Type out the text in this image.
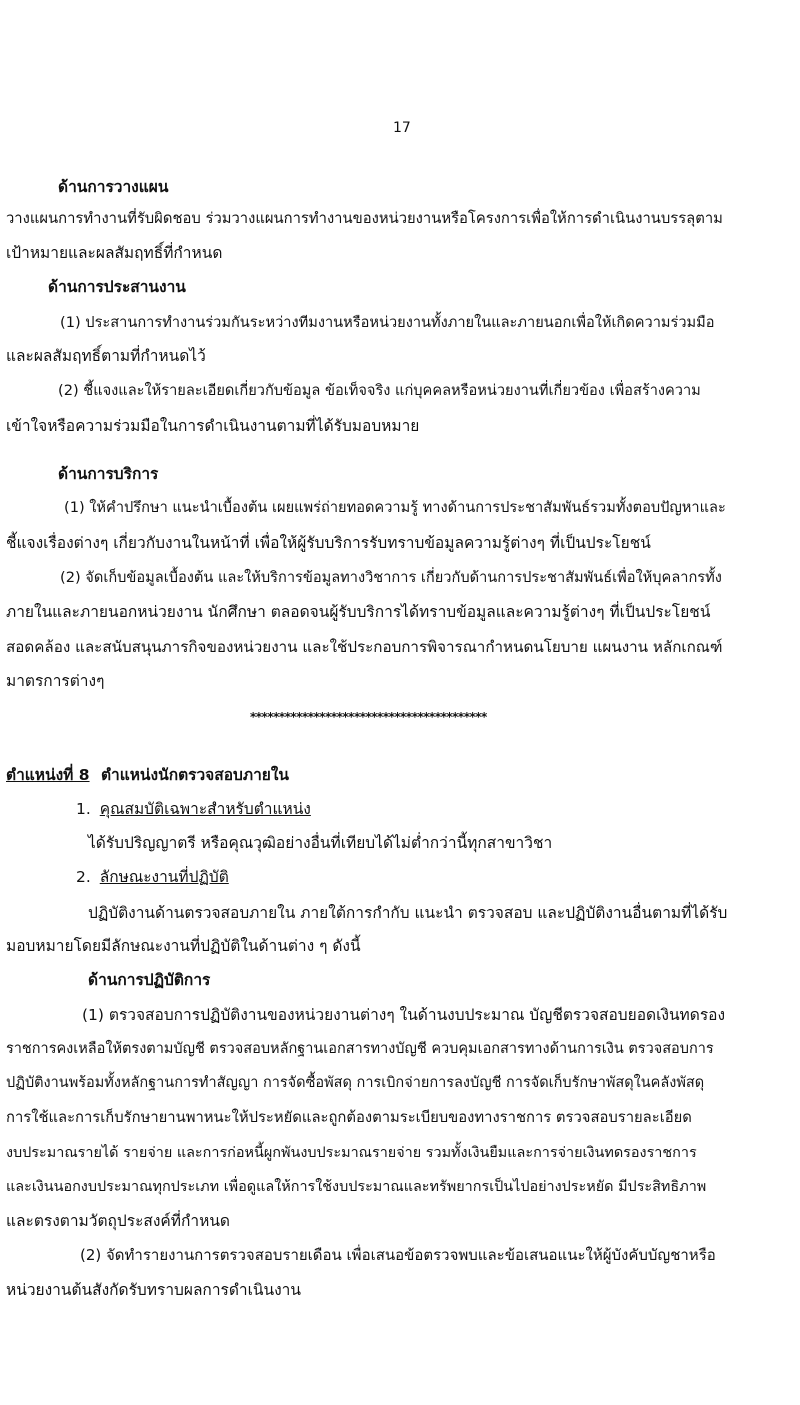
17
ด้านการวางแผน
วางแผนการทำงานที่รับผิดชอบ ร่วมวางแผนการทำงานของหน่วยงานหรือโครงการเพื่อให้การดำเนินงานบรรลุตาม
เป้าหมายและผลสัมฤทธิ์ที่กำหนด
ด้านการประสานงาน
(1) ประสานการทำงานร่วมกันระหว่างทีมงานหรือหน่วยงานทั้งภายในและภายนอกเพื่อให้เกิดความร่วมมือ
และผลสัมฤทธิ์ตามที่กำหนดไว้
(2) ชี้แจงและให้รายละเอียดเกี่ยวกับข้อมูล ข้อเท็จจริง แก่บุคคลหรือหน่วยงานที่เกี่ยวข้อง เพื่อสร้างความ
เข้าใจหรือความร่วมมือในการดำเนินงานตามที่ได้รับมอบหมาย
ด้านการบริการ
(1) ให้คำปรึกษา แนะนำเบื้องต้น เผยแพร่ถ่ายทอดความรู้ ทางด้านการประชาสัมพันธ์รวมทั้งตอบปัญหาและ
ชี้แจงเรื่องต่างๆ เกี่ยวกับงานในหน้าที่ เพื่อให้ผู้รับบริการรับทราบข้อมูลความรู้ต่างๆ ที่เป็นประโยชน์
(2) จัดเก็บข้อมูลเบื้องต้น และให้บริการข้อมูลทางวิชาการ เกี่ยวกับด้านการประชาสัมพันธ์เพื่อให้บุคลากรทั้ง
ภายในและภายนอกหน่วยงาน นักศึกษา ตลอดจนผู้รับบริการได้ทราบข้อมูลและความรู้ต่างๆ ที่เป็นประโยชน์
สอดคล้อง และสนับสนุนภารกิจของหน่วยงาน และใช้ประกอบการพิจารณากำหนดนโยบาย แผนงาน หลักเกณฑ์
มาตรการต่างๆ
*****************************************
ตำแหน่งที่ 8 ตำแหน่งนักตรวจสอบภายใน
1. คุณสมบัติเฉพาะสำหรับตำแหน่ง
ได้รับปริญญาตรี หรือคุณวุฒิอย่างอื่นที่เทียบได้ไม่ต่ำกว่านี้ทุกสาขาวิชา
2. ลักษณะงานที่ปฏิบัติ
ปฏิบัติงานด้านตรวจสอบภายใน ภายใต้การกำกับ แนะนำ ตรวจสอบ และปฏิบัติงานอื่นตามที่ได้รับ
มอบหมายโดยมีลักษณะงานที่ปฏิบัติในด้านต่าง ๆ ดังนี้
ด้านการปฏิบัติการ
(1) ตรวจสอบการปฏิบัติงานของหน่วยงานต่างๆ ในด้านงบประมาณ บัญชีตรวจสอบยอดเงินทดรอง
ราชการคงเหลือให้ตรงตามบัญชี ตรวจสอบหลักฐานเอกสารทางบัญชี ควบคุมเอกสารทางด้านการเงิน ตรวจสอบการ
ปฏิบัติงานพร้อมทั้งหลักฐานการทำสัญญา การจัดซื้อพัสดุ การเบิกจ่ายการลงบัญชี การจัดเก็บรักษาพัสดุในคลังพัสดุ
การใช้และการเก็บรักษายานพาหนะให้ประหยัดและถูกต้องตามระเบียบของทางราชการ ตรวจสอบรายละเอียด
งบประมาณรายได้ รายจ่าย และการก่อหนี้ผูกพันงบประมาณรายจ่าย รวมทั้งเงินยืมและการจ่ายเงินทดรองราชการ
และเงินนอกงบประมาณทุกประเภท เพื่อดูแลให้การใช้งบประมาณและทรัพยากรเป็นไปอย่างประหยัด มีประสิทธิภาพ
และตรงตามวัตถุประสงค์ที่กำหนด
(2) จัดทำรายงานการตรวจสอบรายเดือน เพื่อเสนอข้อตรวจพบและข้อเสนอแนะให้ผู้บังคับบัญชาหรือ
หน่วยงานต้นสังกัดรับทราบผลการดำเนินงาน
